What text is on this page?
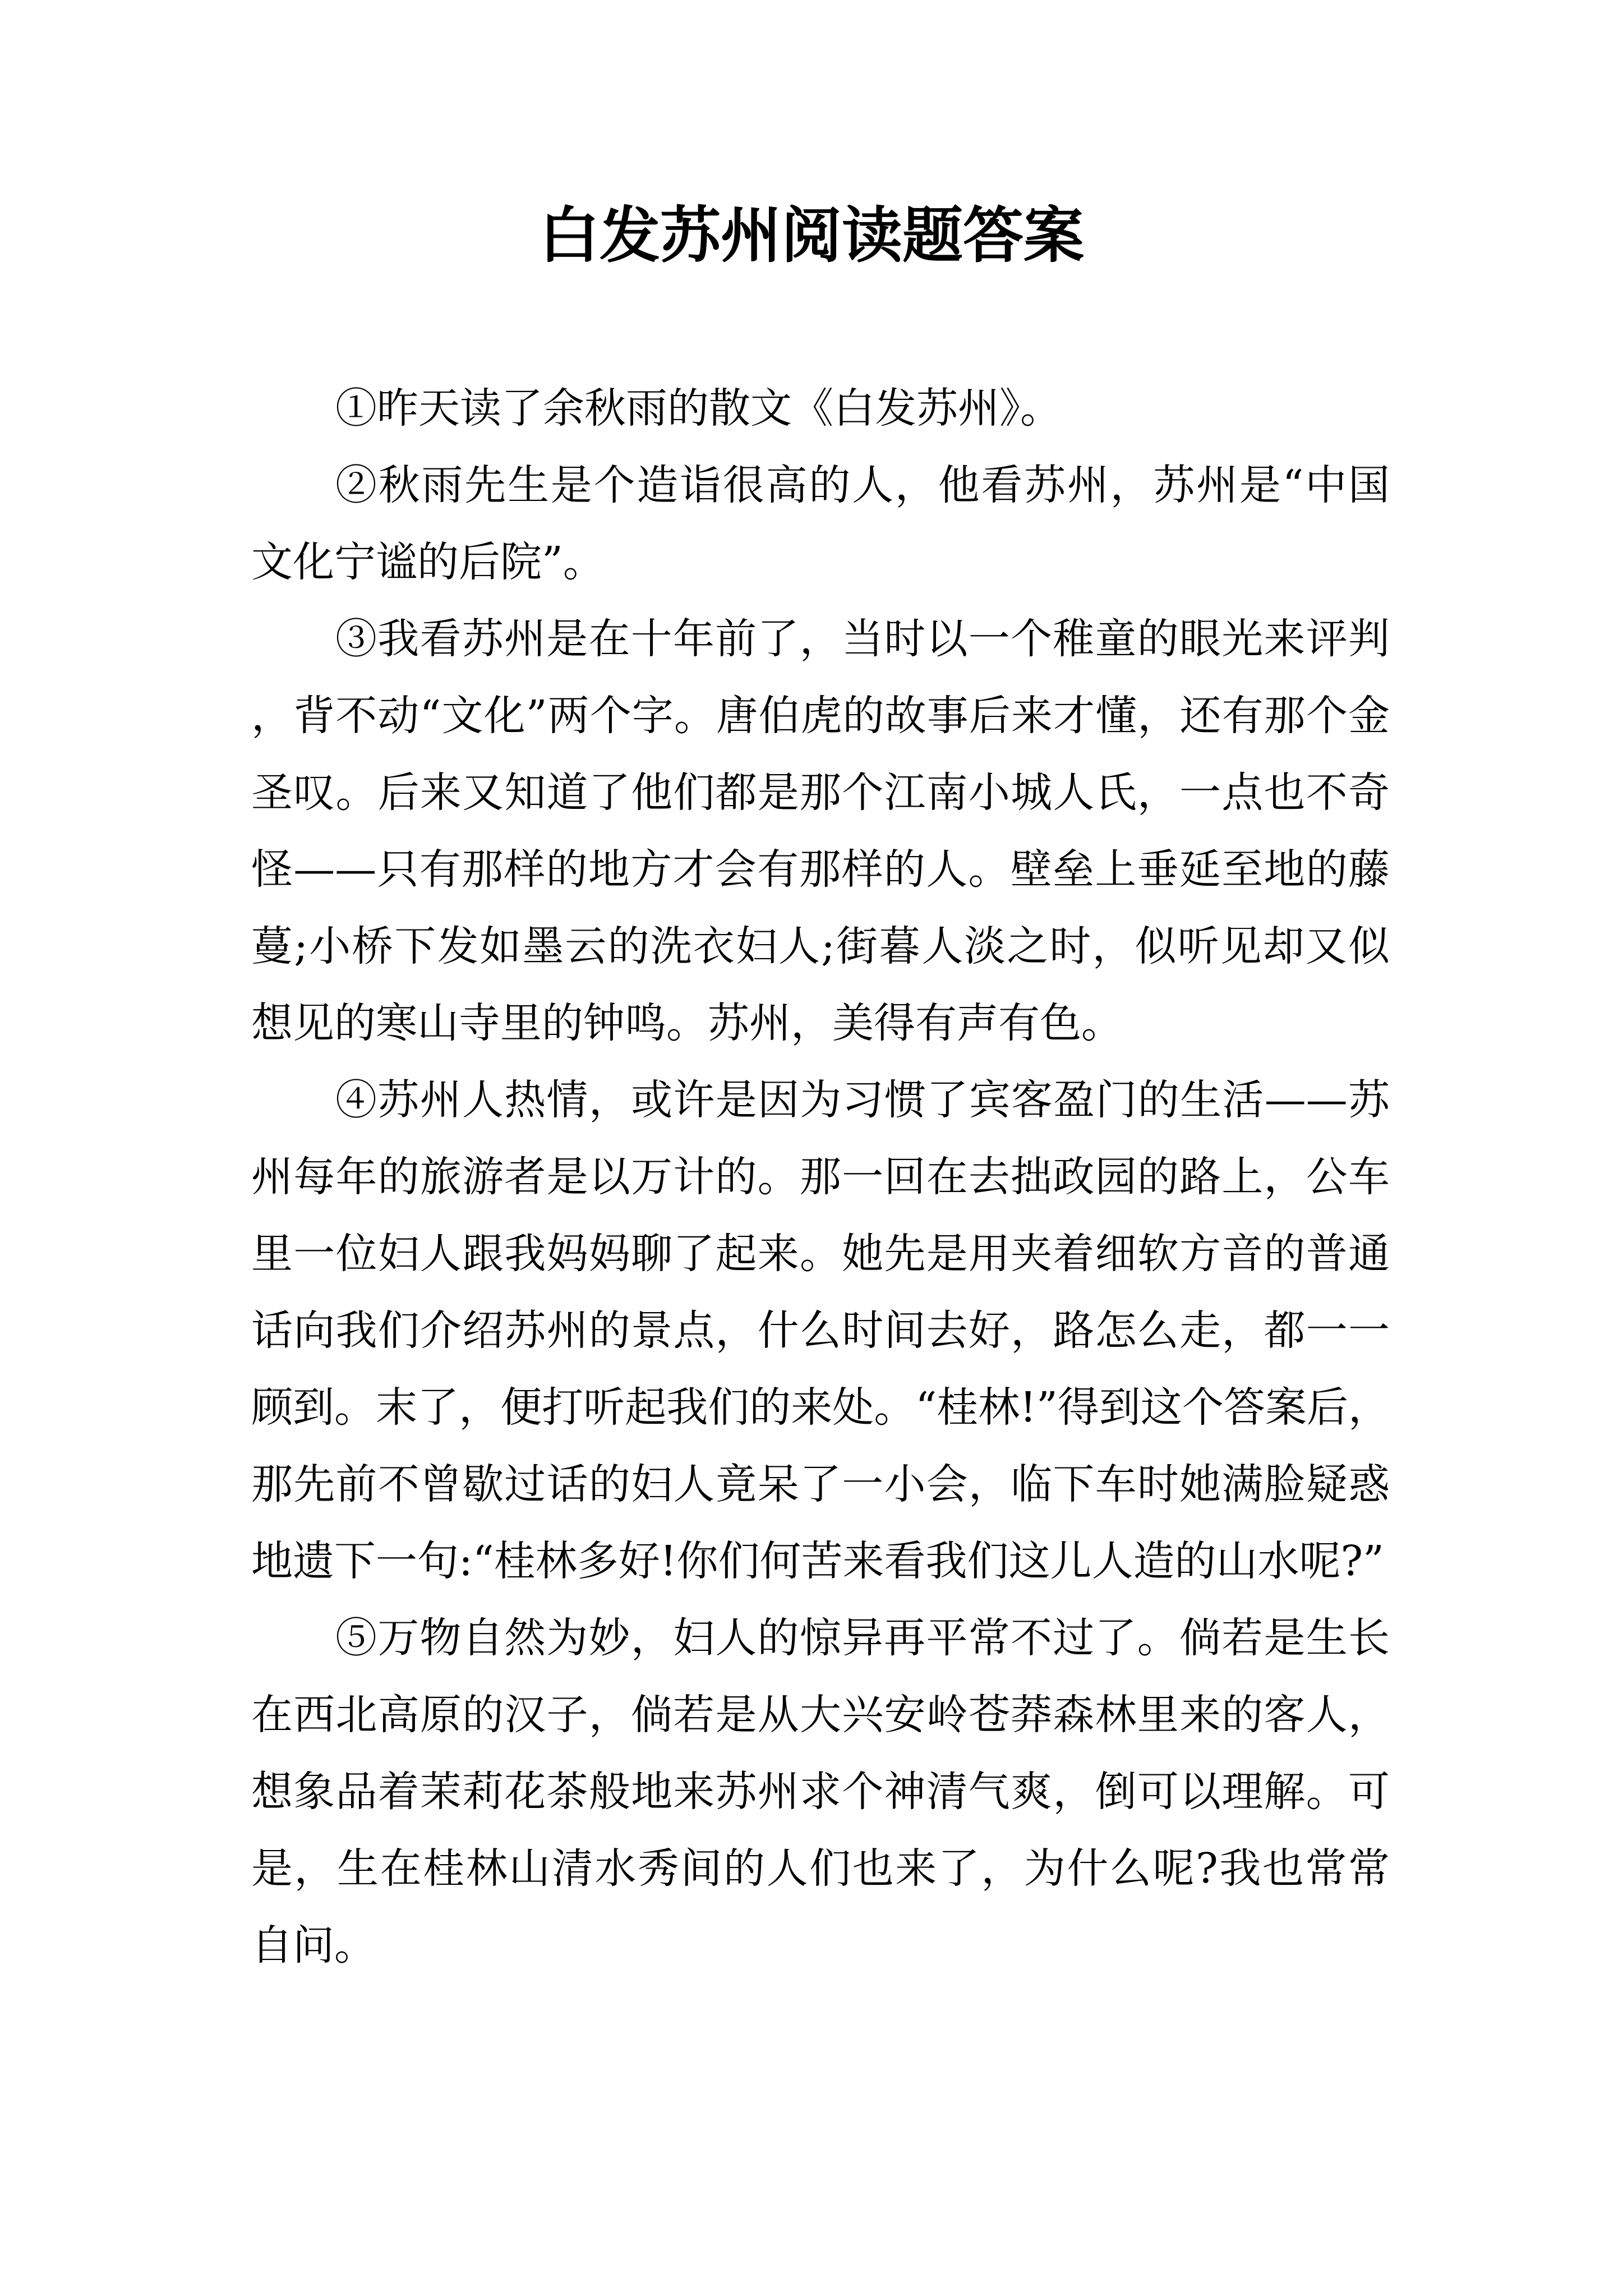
白发苏州阅读题答案

①昨天读了余秋雨的散文《白发苏州》。

②秋雨先生是个造诣很高的人，他看苏州，苏州是“中国文化宁谧的后院”。

③我看苏州是在十年前了，当时以一个稚童的眼光来评判，背不动“文化”两个字。唐伯虎的故事后来才懂，还有那个金圣叹。后来又知道了他们都是那个江南小城人氏，一点也不奇怪——只有那样的地方才会有那样的人。壁垒上垂延至地的藤蔓;小桥下发如墨云的洗衣妇人;街暮人淡之时，似听见却又似想见的寒山寺里的钟鸣。苏州，美得有声有色。

④苏州人热情，或许是因为习惯了宾客盈门的生活——苏州每年的旅游者是以万计的。那一回在去拙政园的路上，公车里一位妇人跟我妈妈聊了起来。她先是用夹着细软方音的普通话向我们介绍苏州的景点，什么时间去好，路怎么走，都一一顾到。末了，便打听起我们的来处。“桂林!”得到这个答案后，那先前不曾歇过话的妇人竟呆了一小会，临下车时她满脸疑惑地遗下一句:“桂林多好!你们何苦来看我们这儿人造的山水呢?”

⑤万物自然为妙，妇人的惊异再平常不过了。倘若是生长在西北高原的汉子，倘若是从大兴安岭苍莽森林里来的客人，想象品着茉莉花茶般地来苏州求个神清气爽，倒可以理解。可是，生在桂林山清水秀间的人们也来了，为什么呢?我也常常自问。
